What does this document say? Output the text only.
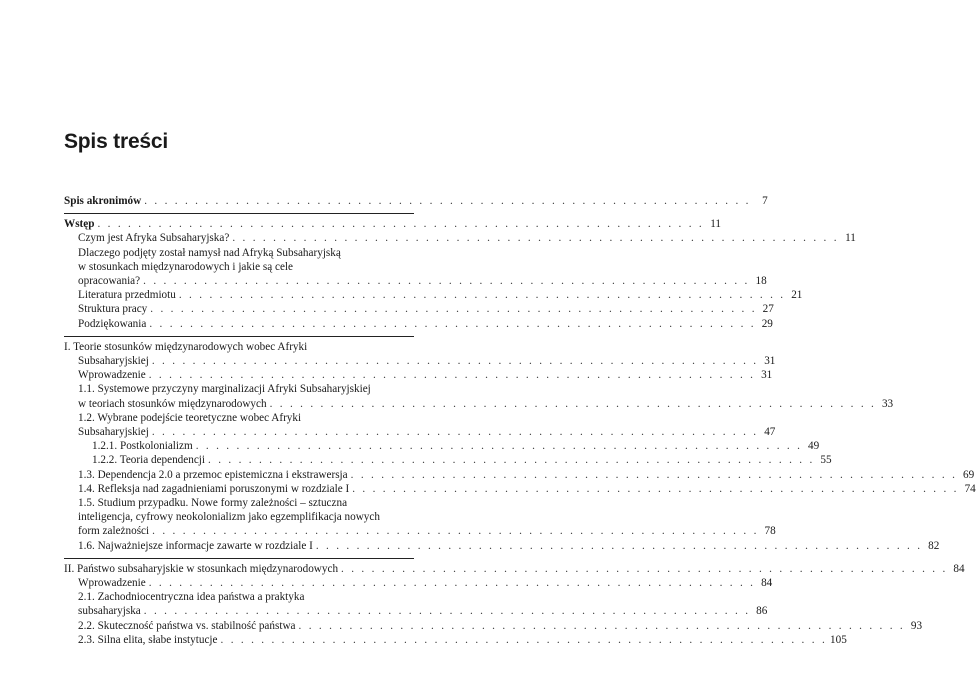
Spis treści
Spis akronimów . . . . . . . . . . . . . . . . . . . . . . . . . . . . . . . . . . . . . . . . . . . . . . . . . . . . . . . . . . . .	7
Wstęp . . . . . . . . . . . . . . . . . . . . . . . . . . . . . . . . . . . . . . . . . . . . . . . . . . . . . . . . . . . . 11
Czym jest Afryka Subsaharyjska? . . . . . . . . . . . . . . . . . . . . . . . . . . . . . . . . . . . . . . . . . . . . . . . . . . . . . . . . . . . . 11
Dlaczego podjęty został namysł nad Afryką Subsaharyjską
w stosunkach międzynarodowych i jakie są cele
opracowania? . . . . . . . . . . . . . . . . . . . . . . . . . . . . . . . . . . . . . . . . . . . . . . . . . . . . . . . . . . . . 18
Literatura przedmiotu . . . . . . . . . . . . . . . . . . . . . . . . . . . . . . . . . . . . . . . . . . . . . . . . . . . . . . . . . . . . 21
Struktura pracy . . . . . . . . . . . . . . . . . . . . . . . . . . . . . . . . . . . . . . . . . . . . . . . . . . . . . . . . . . . . 27
Podziękowania . . . . . . . . . . . . . . . . . . . . . . . . . . . . . . . . . . . . . . . . . . . . . . . . . . . . . . . . . . . . 29
I. Teorie stosunków międzynarodowych wobec Afryki
Subsaharyjskiej . . . . . . . . . . . . . . . . . . . . . . . . . . . . . . . . . . . . . . . . . . . . . . . . . . . . . . . . . . . . 31
Wprowadzenie . . . . . . . . . . . . . . . . . . . . . . . . . . . . . . . . . . . . . . . . . . . . . . . . . . . . . . . . . . . . 31
1.1. Systemowe przyczyny marginalizacji Afryki Subsaharyjskiej
w teoriach stosunków międzynarodowych . . . . . . . . . . . . . . . . . . . . . . . . . . . . . . . . . . . . . . . . . . . . . . . . . . . . . . . . . . . . 33
1.2. Wybrane podejście teoretyczne wobec Afryki
Subsaharyjskiej . . . . . . . . . . . . . . . . . . . . . . . . . . . . . . . . . . . . . . . . . . . . . . . . . . . . . . . . . . . . 47
1.2.1. Postkolonializm . . . . . . . . . . . . . . . . . . . . . . . . . . . . . . . . . . . . . . . . . . . . . . . . . . . . . . . . . . . . 49
1.2.2. Teoria dependencji . . . . . . . . . . . . . . . . . . . . . . . . . . . . . . . . . . . . . . . . . . . . . . . . . . . . . . . . . . . . 55
1.3. Dependencja 2.0 a przemoc epistemiczna i ekstrawersja . . . . . . . . . . . . . . . . . . . . . . . . . . . . . . . . . . . . . . . . . . . . . . . . . . . . . . . . . . . . 69
1.4. Refleksja nad zagadnieniami poruszonymi w rozdziale I . . . . . . . . . . . . . . . . . . . . . . . . . . . . . . . . . . . . . . . . . . . . . . . . . . . . . . . . . . . . 74
1.5. Studium przypadku. Nowe formy zależności – sztuczna
inteligencja, cyfrowy neokolonializm jako egzemplifikacja nowych
form zależności . . . . . . . . . . . . . . . . . . . . . . . . . . . . . . . . . . . . . . . . . . . . . . . . . . . . . . . . . . . . 78
1.6. Najważniejsze informacje zawarte w rozdziale I . . . . . . . . . . . . . . . . . . . . . . . . . . . . . . . . . . . . . . . . . . . . . . . . . . . . . . . . . . . . 82
II. Państwo subsaharyjskie w stosunkach międzynarodowych . . . . . . . . . . . . . . . . . . . . . . . . . . . . . . . . . . . . . . . . . . . . . . . . . . . . . . . . . . . . 84
Wprowadzenie . . . . . . . . . . . . . . . . . . . . . . . . . . . . . . . . . . . . . . . . . . . . . . . . . . . . . . . . . . . . 84
2.1. Zachodniocentryczna idea państwa a praktyka
subsaharyjska . . . . . . . . . . . . . . . . . . . . . . . . . . . . . . . . . . . . . . . . . . . . . . . . . . . . . . . . . . . . 86
2.2. Skuteczność państwa vs. stabilność państwa . . . . . . . . . . . . . . . . . . . . . . . . . . . . . . . . . . . . . . . . . . . . . . . . . . . . . . . . . . . . 93
2.3. Silna elita, słabe instytucje . . . . . . . . . . . . . . . . . . . . . . . . . . . . . . . . . . . . . . . . . . . . . . . . . . . . . . . . . . . . 105
